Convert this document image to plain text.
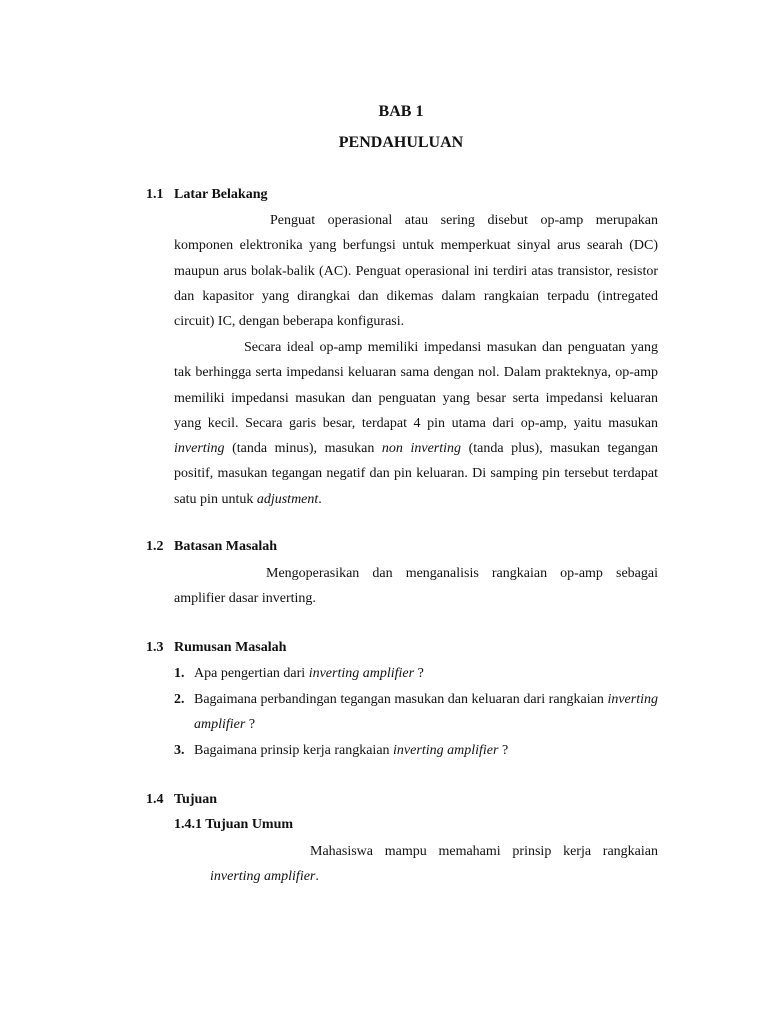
BAB 1
PENDAHULUAN
1.1 Latar Belakang
Penguat operasional atau sering disebut op-amp merupakan komponen elektronika yang berfungsi untuk memperkuat sinyal arus searah (DC) maupun arus bolak-balik (AC). Penguat operasional ini terdiri atas transistor, resistor dan kapasitor yang dirangkai dan dikemas dalam rangkaian terpadu (intregated circuit) IC, dengan beberapa konfigurasi.
Secara ideal op-amp memiliki impedansi masukan dan penguatan yang tak berhingga serta impedansi keluaran sama dengan nol. Dalam prakteknya, op-amp memiliki impedansi masukan dan penguatan yang besar serta impedansi keluaran yang kecil. Secara garis besar, terdapat 4 pin utama dari op-amp, yaitu masukan inverting (tanda minus), masukan non inverting (tanda plus), masukan tegangan positif, masukan tegangan negatif dan pin keluaran. Di samping pin tersebut terdapat satu pin untuk adjustment.
1.2 Batasan Masalah
Mengoperasikan dan menganalisis rangkaian op-amp sebagai amplifier dasar inverting.
1.3 Rumusan Masalah
1. Apa pengertian dari inverting amplifier ?
2. Bagaimana perbandingan tegangan masukan dan keluaran dari rangkaian inverting amplifier ?
3. Bagaimana prinsip kerja rangkaian inverting amplifier ?
1.4 Tujuan
1.4.1 Tujuan Umum
Mahasiswa mampu memahami prinsip kerja rangkaian inverting amplifier.
